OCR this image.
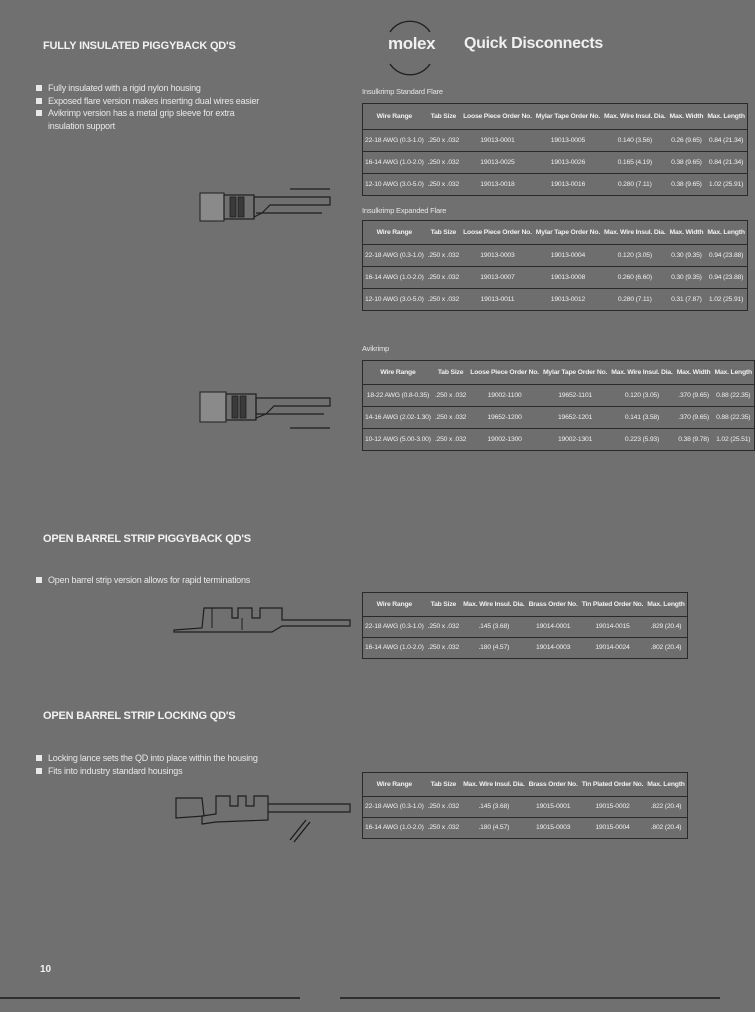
FULLY INSULATED PIGGYBACK QD'S	molex Quick Disconnects
Fully insulated with a rigid nylon housing
Exposed flare version makes inserting dual wires easier
Avikrimp version has a metal grip sleeve for extra
insulation support
Insulkrimp Standard Flare
Wire Range	Tab Size	Loose Piece Order No.	Mylar Tape Order No.	Max. Wire Insul. Dia.	Max. Width	Max. Length
22-18 AWG (0.3-1.0)	.250 x .032	19013-0001	19013-0005	0.140 (3.56)	0.26 (9.65)	0.84 (21.34)
16-14 AWG (1.0-2.0)	.250 x .032	19013-0025	19013-0026	0.165 (4.19)	0.38 (9.65)	0.84 (21.34)
12-10 AWG (3.0-5.0)	.250 x .032	19013-0018	19013-0016	0.280 (7.11)	0.38 (9.65)	1.02 (25.91)
Insulkrimp Expanded Flare
Wire Range	Tab Size	Loose Piece Order No.	Mylar Tape Order No.	Max. Wire Insul. Dia.	Max. Width	Max. Length
22-18 AWG (0.3-1.0)	.250 x .032	19013-0003	19013-0004	0.120 (3.05)	0.30 (9.35)	0.94 (23.88)
16-14 AWG (1.0-2.0)	.250 x .032	19013-0007	19013-0008	0.260 (6.60)	0.30 (9.35)	0.94 (23.88)
12-10 AWG (3.0-5.0)	.250 x .032	19013-0011	19013-0012	0.280 (7.11)	0.31 (7.87)	1.02 (25.91)
Avikrimp
Wire Range	Tab Size	Loose Piece Order No.	Mylar Tape Order No.	Max. Wire Insul. Dia.	Max. Width	Max. Length
18-22 AWG (0.8-0.35)	.250 x .032	19002-1100	19652-1101	0.120 (3.05)	.370 (9.65)	0.88 (22.35)
14-16 AWG (2.02-1.30)	.250 x .032	19652-1200	19652-1201	0.141 (3.58)	.370 (9.65)	0.88 (22.35)
10-12 AWG (5.00-3.00)	.250 x .032	19002-1300	19002-1301	0.223 (5.93)	0.38 (9.78)	1.02 (25.51)
OPEN BARREL STRIP PIGGYBACK QD'S
Open barrel strip version allows for rapid terminations
Wire Range	Tab Size	Max. Wire Insul. Dia.	Brass Order No.	Tin Plated Order No.	Max. Length
22-18 AWG (0.3-1.0)	.250 x .032	.145 (3.68)	19014-0001	19014-0015	.829 (20.4)
16-14 AWG (1.0-2.0)	.250 x .032	.180 (4.57)	19014-0003	19014-0024	.802 (20.4)
OPEN BARREL STRIP LOCKING QD'S
Locking lance sets the QD into place within the housing
Fits into industry standard housings
Wire Range	Tab Size	Max. Wire Insul. Dia.	Brass Order No.	Tin Plated Order No.	Max. Length
22-18 AWG (0.3-1.0)	.250 x .032	.145 (3.68)	19015-0001	19015-0002	.822 (20.4)
16-14 AWG (1.0-2.0)	.250 x .032	.180 (4.57)	19015-0003	19015-0004	.802 (20.4)
10
